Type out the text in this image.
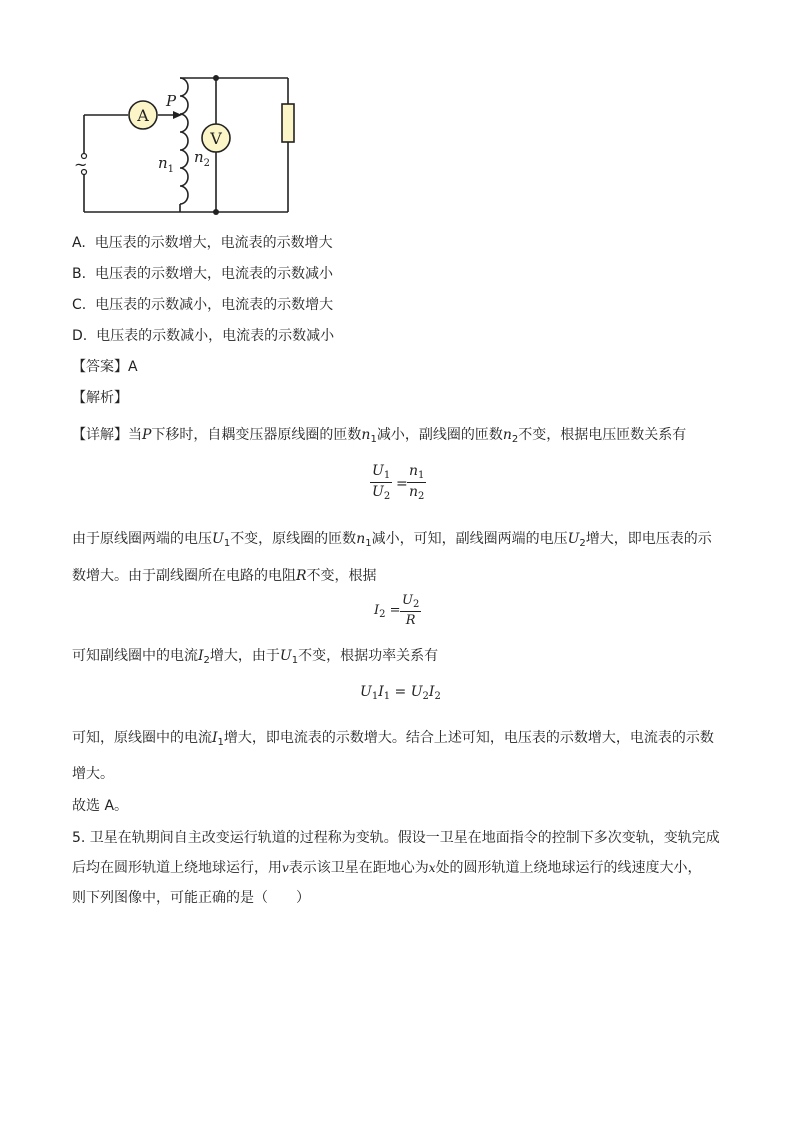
A
V
~
P
$n_1$
$n_2$
A. 电压表的示数增大，电流表的示数增大
B. 电压表的示数增大，电流表的示数减小
C. 电压表的示数减小，电流表的示数增大
D. 电压表的示数减小，电流表的示数减小
【答案】A
【解析】
【详解】当P下移时，自耦变压器原线圈的匝数$n_1$减小，副线圈的匝数$n_2$不变，根据电压匝数关系有
$U_1$
$U_2$
=
$n_1$
$n_2$
由于原线圈两端的电压$U_1$不变，原线圈的匝数$n_1$减小，可知，副线圈两端的电压$U_2$增大，即电压表的示
数增大。由于副线圈所在电路的电阻R不变，根据
$I_2$ =
$U_2$
R
可知副线圈中的电流$I_2$增大，由于$U_1$不变，根据功率关系有
$U_1I_1 = U_2I_2$
可知，原线圈中的电流$I_1$增大，即电流表的示数增大。结合上述可知，电压表的示数增大，电流表的示数
增大。
故选 A。
5. 卫星在轨期间自主改变运行轨道的过程称为变轨。假设一卫星在地面指令的控制下多次变轨，变轨完成
后均在圆形轨道上绕地球运行，用v表示该卫星在距地心为x处的圆形轨道上绕地球运行的线速度大小，
则下列图像中，可能正确的是（　　）
